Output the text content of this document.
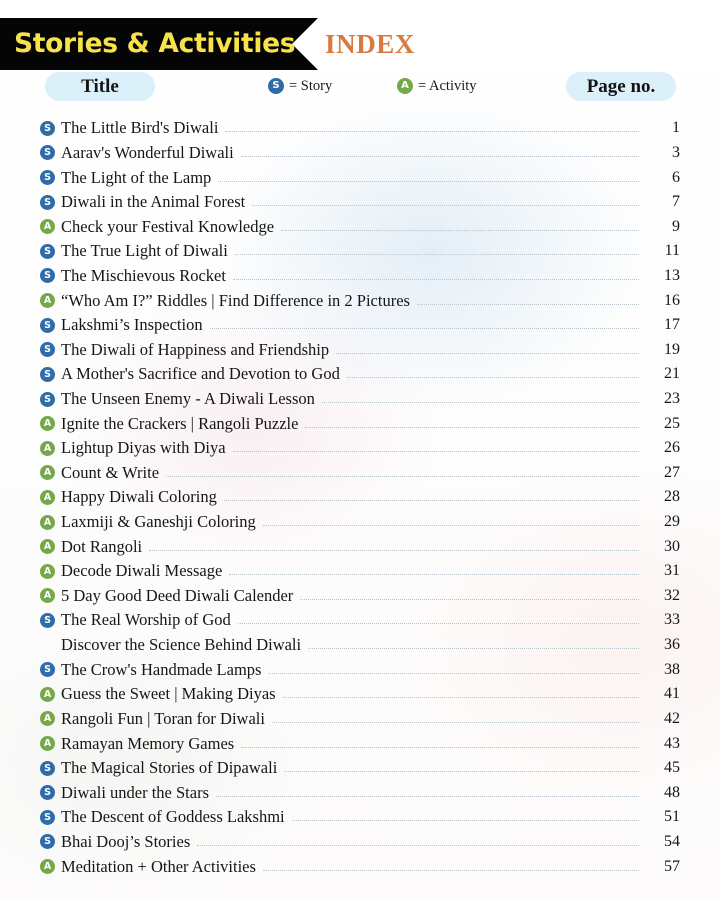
Stories & Activities INDEX
Title	S = Story	A = Activity	Page no.
S The Little Bird's Diwali	1
S Aarav's Wonderful Diwali	3
S The Light of the Lamp	6
S Diwali in the Animal Forest	7
A Check your Festival Knowledge	9
S The True Light of Diwali	11
S The Mischievous Rocket	13
A “Who Am I?” Riddles | Find Difference in 2 Pictures	16
S Lakshmi’s Inspection	17
S The Diwali of Happiness and Friendship	19
S A Mother's Sacrifice and Devotion to God	21
S The Unseen Enemy - A Diwali Lesson	23
A Ignite the Crackers | Rangoli Puzzle	25
A Lightup Diyas with Diya	26
A Count & Write	27
A Happy Diwali Coloring	28
A Laxmiji & Ganeshji Coloring	29
A Dot Rangoli	30
A Decode Diwali Message	31
A 5 Day Good Deed Diwali Calender	32
S The Real Worship of God	33
Discover the Science Behind Diwali	36
S The Crow's Handmade Lamps	38
A Guess the Sweet | Making Diyas	41
A Rangoli Fun | Toran for Diwali	42
A Ramayan Memory Games	43
S The Magical Stories of Dipawali	45
S Diwali under the Stars	48
S The Descent of Goddess Lakshmi	51
S Bhai Dooj’s Stories	54
A Meditation + Other Activities	57
